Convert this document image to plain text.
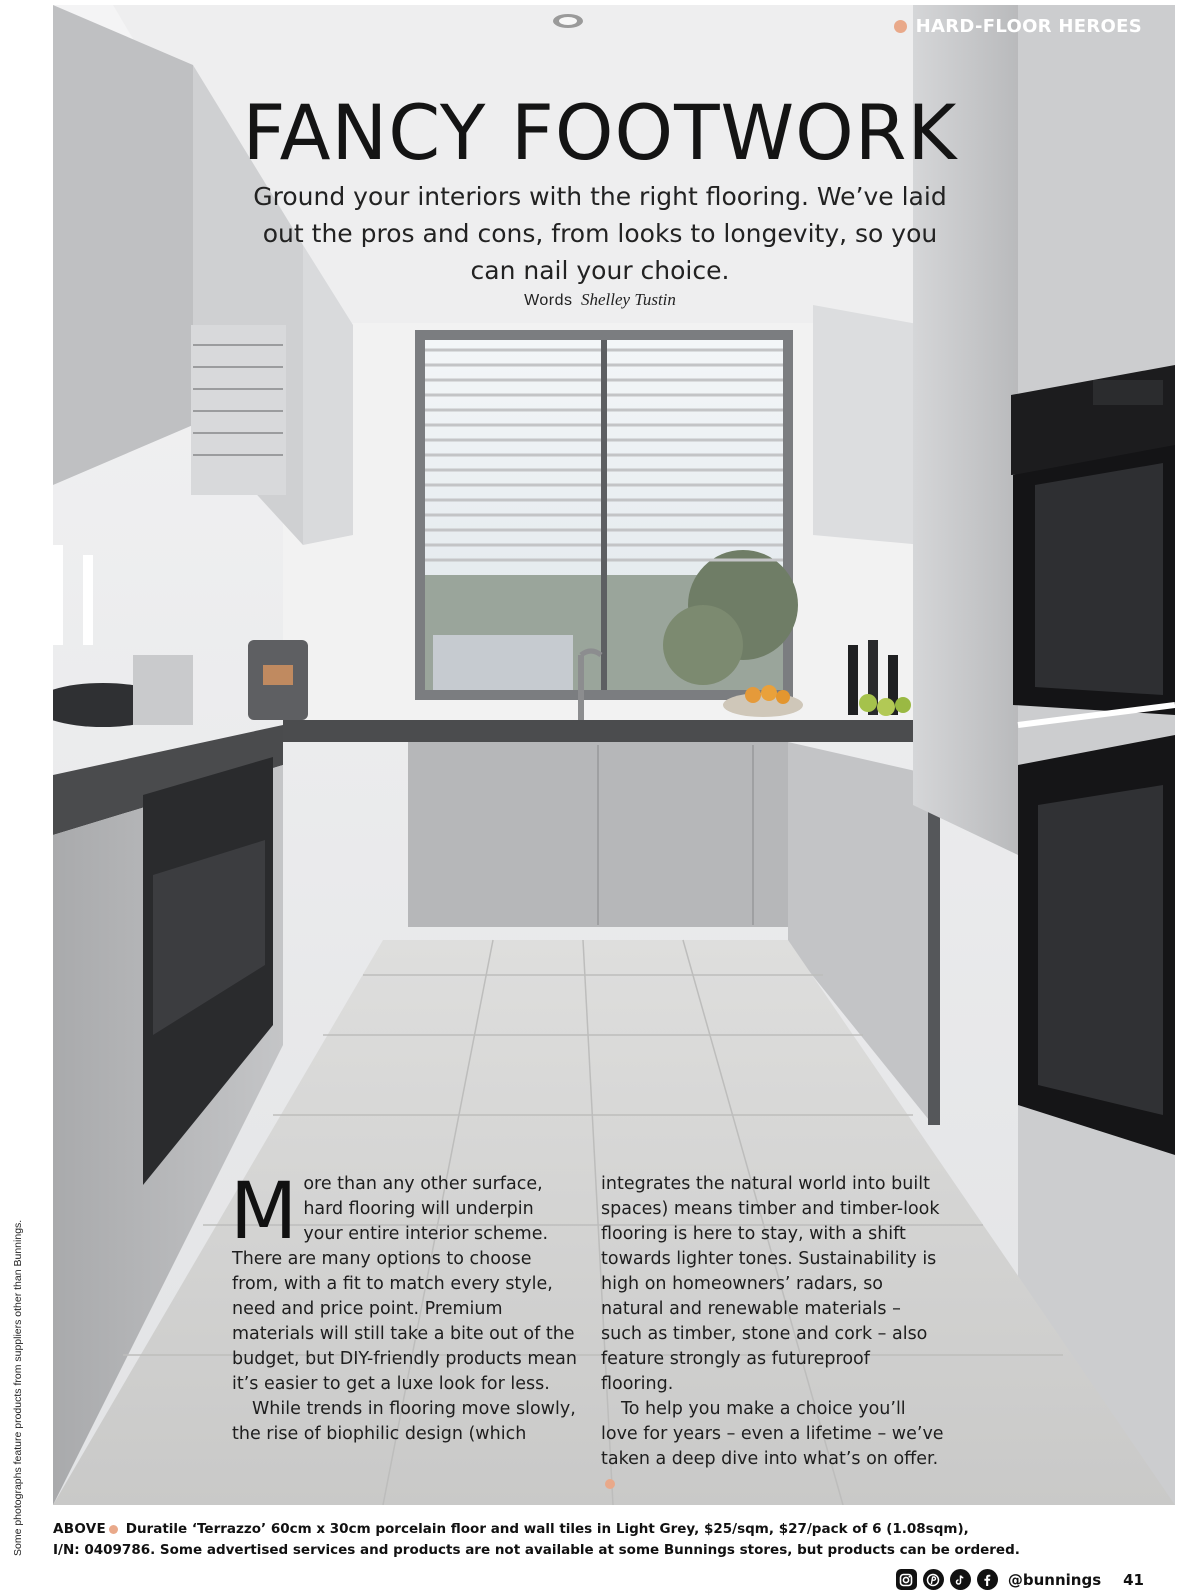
HARD-FLOOR HEROES
FANCY FOOTWORK
Ground your interiors with the right flooring. We’ve laid out the pros and cons, from looks to longevity, so you can nail your choice.
Words Shelley Tustin

More than any other surface, hard flooring will underpin your entire interior scheme. There are many options to choose from, with a fit to match every style, need and price point. Premium materials will still take a bite out of the budget, but DIY-friendly products mean it’s easier to get a luxe look for less.

While trends in flooring move slowly, the rise of biophilic design (which

integrates the natural world into built spaces) means timber and timber-look flooring is here to stay, with a shift towards lighter tones. Sustainability is high on homeowners’ radars, so natural and renewable materials – such as timber, stone and cork – also feature strongly as futureproof flooring.

To help you make a choice you’ll love for years – even a lifetime – we’ve taken a deep dive into what’s on offer.

ABOVE Duratile ‘Terrazzo’ 60cm x 30cm porcelain floor and wall tiles in Light Grey, $25/sqm, $27/pack of 6 (1.08sqm),
I/N: 0409786. Some advertised services and products are not available at some Bunnings stores, but products can be ordered.
Some photographs feature products from suppliers other than Bunnings.
@bunnings 41
